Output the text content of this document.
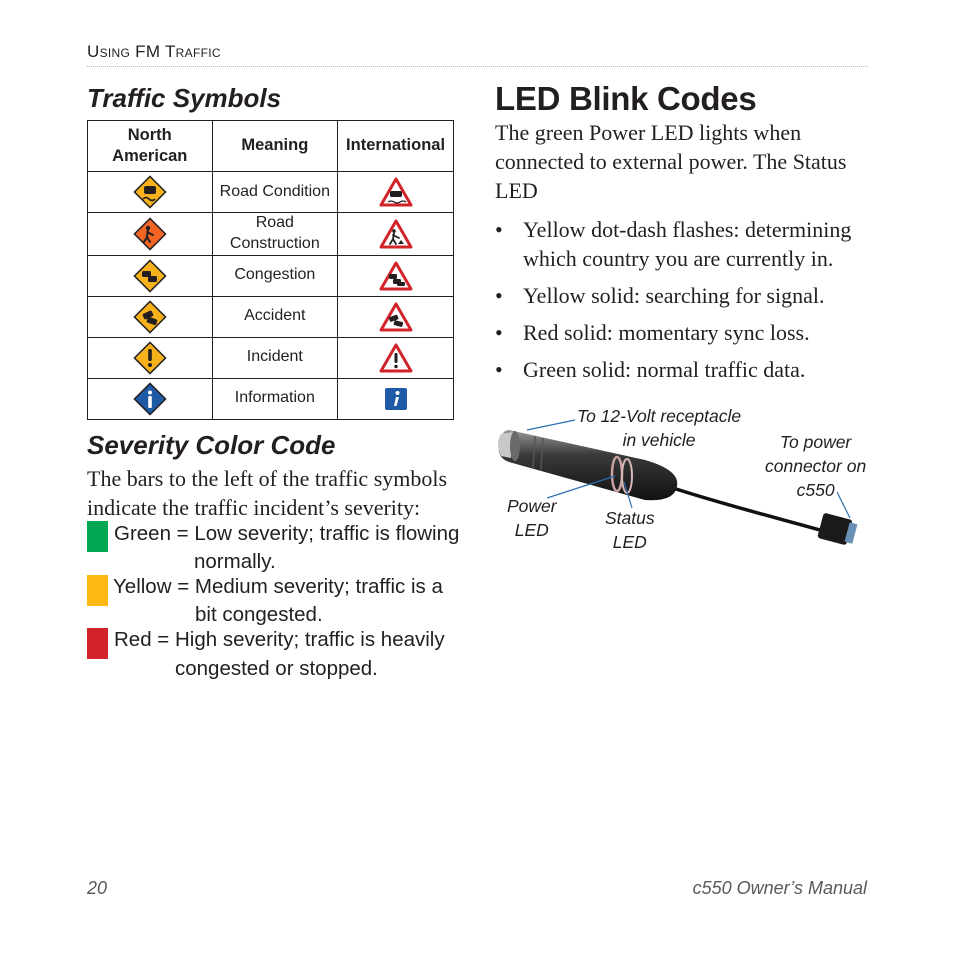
Using FM Traffic
Traffic Symbols
North American	Meaning	International

	Road Condition	

	Road Construction	

	Congestion	

	Accident	

	Incident	

	Information	
Severity Color Code
The bars to the left of the traffic symbols indicate the traffic incident’s severity:
Green = Low severity; traffic is flowing
normally.
Yellow = Medium severity; traffic is a
bit congested.
Red = High severity; traffic is heavily
congested or stopped.
LED Blink Codes
The green Power LED lights when connected to external power. The Status LED
• Yellow dot-dash flashes: determining which country you are currently in.
• Yellow solid: searching for signal.
• Red solid: momentary sync loss.
• Green solid: normal traffic data.
To 12-Volt receptacle
in vehicle	To power
connector on
c550
Power
LED
Status
LED
20	c550 Owner’s Manual
